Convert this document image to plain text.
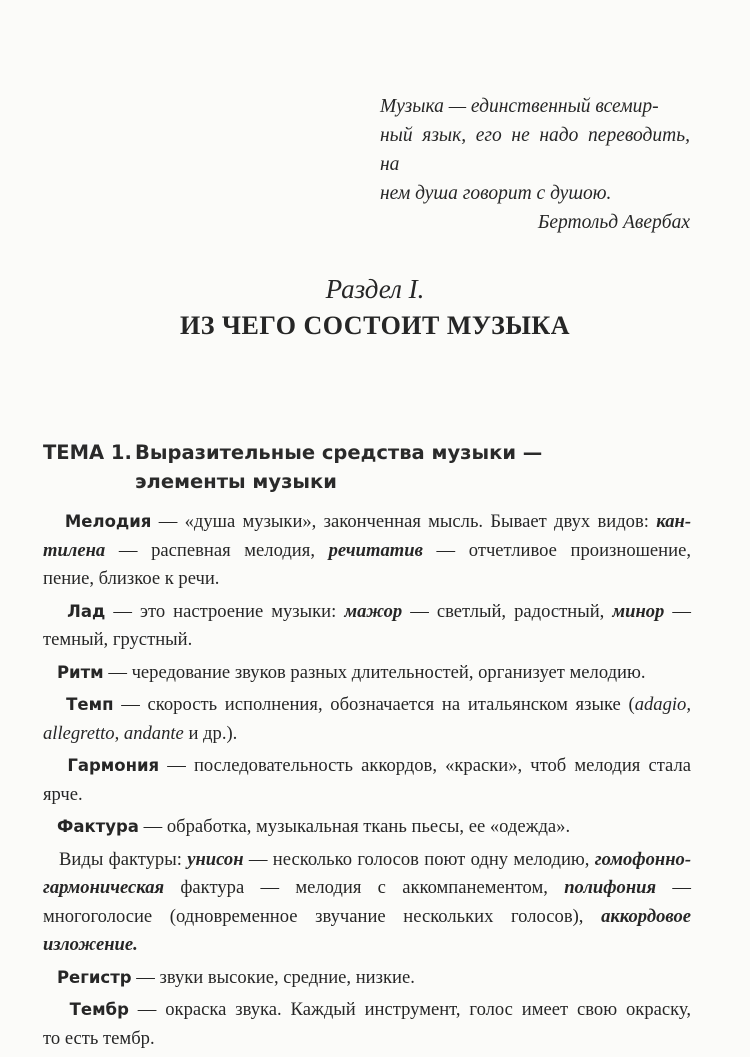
Музыка — единственный всемир-
ный язык, его не надо переводить, на
нем душа говорит с душою.
Бертольд Авербах
Раздел I.
ИЗ ЧЕГО СОСТОИТ МУЗЫКА
ТЕМА 1. Выразительные средства музыки —
элементы музыки

Мелодия — «душа музыки», законченная мысль. Бывает двух видов: кан-
тилена — распевная мелодия, речитатив — отчетливое произношение,
пение, близкое к речи.

Лад — это настроение музыки: мажор — светлый, радостный, минор —
темный, грустный.

Ритм — чередование звуков разных длительностей, организует мелодию.

Темп — скорость исполнения, обозначается на итальянском языке (adagio,
allegretto, andante и др.).

Гармония — последовательность аккордов, «краски», чтоб мелодия стала ярче.

Фактура — обработка, музыкальная ткань пьесы, ее «одежда».

Виды фактуры: унисон — несколько голосов поют одну мелодию, гомофонно-
гармоническая фактура — мелодия с аккомпанементом, полифония —
многоголосие (одновременное звучание нескольких голосов), аккордовое
изложение.

Регистр — звуки высокие, средние, низкие.

Тембр — окраска звука. Каждый инструмент, голос имеет свою окраску,
то есть тембр.
